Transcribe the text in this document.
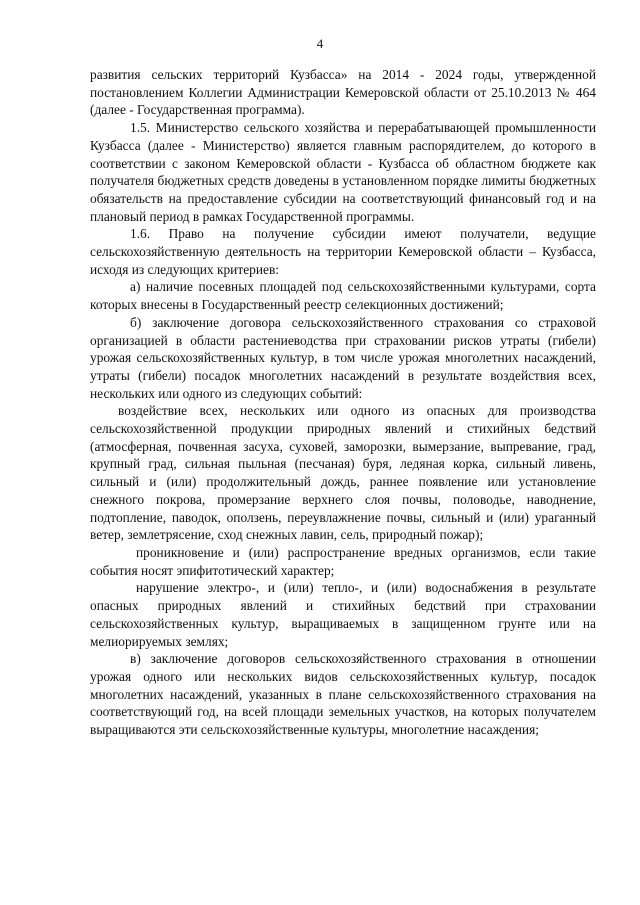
4

развития сельских территорий Кузбасса» на 2014 - 2024 годы, утвержденной постановлением Коллегии Администрации Кемеровской области от 25.10.2013 № 464 (далее - Государственная программа).

1.5. Министерство сельского хозяйства и перерабатывающей промышленности Кузбасса (далее - Министерство) является главным распорядителем, до которого в соответствии с законом Кемеровской области - Кузбасса об областном бюджете как получателя бюджетных средств доведены в установленном порядке лимиты бюджетных обязательств на предоставление субсидии на соответствующий финансовый год и на плановый период в рамках Государственной программы.

1.6. Право на получение субсидии имеют получатели, ведущие сельскохозяйственную деятельность на территории Кемеровской области – Кузбасса, исходя из следующих критериев:

а) наличие посевных площадей под сельскохозяйственными культурами, сорта которых внесены в Государственный реестр селекционных достижений;

б) заключение договора сельскохозяйственного страхования со страховой организацией в области растениеводства при страховании рисков утраты (гибели) урожая сельскохозяйственных культур, в том числе урожая многолетних насаждений, утраты (гибели) посадок многолетних насаждений в результате воздействия всех, нескольких или одного из следующих событий:

воздействие всех, нескольких или одного из опасных для производства сельскохозяйственной продукции природных явлений и стихийных бедствий (атмосферная, почвенная засуха, суховей, заморозки, вымерзание, выпревание, град, крупный град, сильная пыльная (песчаная) буря, ледяная корка, сильный ливень, сильный и (или) продолжительный дождь, раннее появление или установление снежного покрова, промерзание верхнего слоя почвы, половодье, наводнение, подтопление, паводок, оползень, переувлажнение почвы, сильный и (или) ураганный ветер, землетрясение, сход снежных лавин, сель, природный пожар);

проникновение и (или) распространение вредных организмов, если такие события носят эпифитотический характер;

нарушение электро-, и (или) тепло-, и (или) водоснабжения в результате опасных природных явлений и стихийных бедствий при страховании сельскохозяйственных культур, выращиваемых в защищенном грунте или на мелиорируемых землях;

в) заключение договоров сельскохозяйственного страхования в отношении урожая одного или нескольких видов сельскохозяйственных культур, посадок многолетних насаждений, указанных в плане сельскохозяйственного страхования на соответствующий год, на всей площади земельных участков, на которых получателем выращиваются эти сельскохозяйственные культуры, многолетние насаждения;
